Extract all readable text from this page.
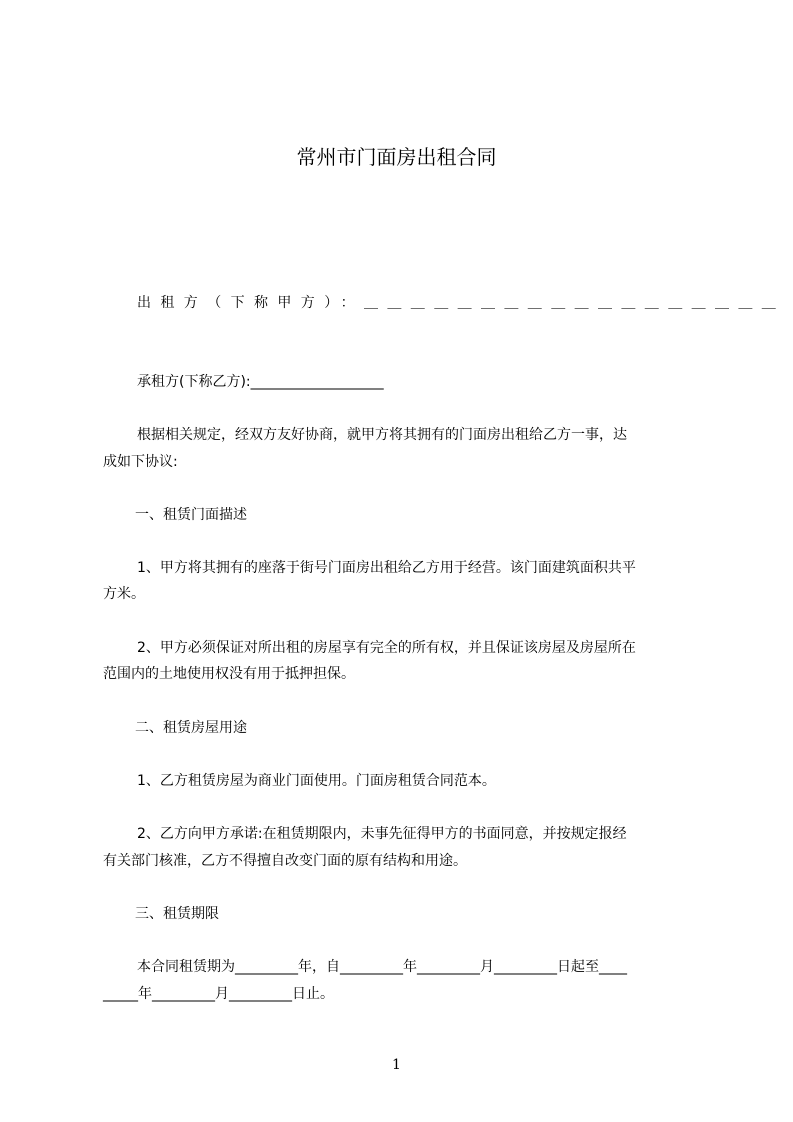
常州市门面房出租合同
出租方（下称甲方）：＿＿＿＿＿＿＿＿＿＿＿＿＿＿＿＿＿＿
承租方(下称乙方):___________________
根据相关规定，经双方友好协商，就甲方将其拥有的门面房出租给乙方一事，达
成如下协议:
一、租赁门面描述
1、甲方将其拥有的座落于街号门面房出租给乙方用于经营。该门面建筑面积共平
方米。
2、甲方必须保证对所出租的房屋享有完全的所有权，并且保证该房屋及房屋所在
范围内的土地使用权没有用于抵押担保。
二、租赁房屋用途
1、乙方租赁房屋为商业门面使用。门面房租赁合同范本。
2、乙方向甲方承诺:在租赁期限内，未事先征得甲方的书面同意，并按规定报经
有关部门核准，乙方不得擅自改变门面的原有结构和用途。
三、租赁期限
本合同租赁期为_________年，自_________年_________月_________日起至____
_____年_________月_________日止。
1
